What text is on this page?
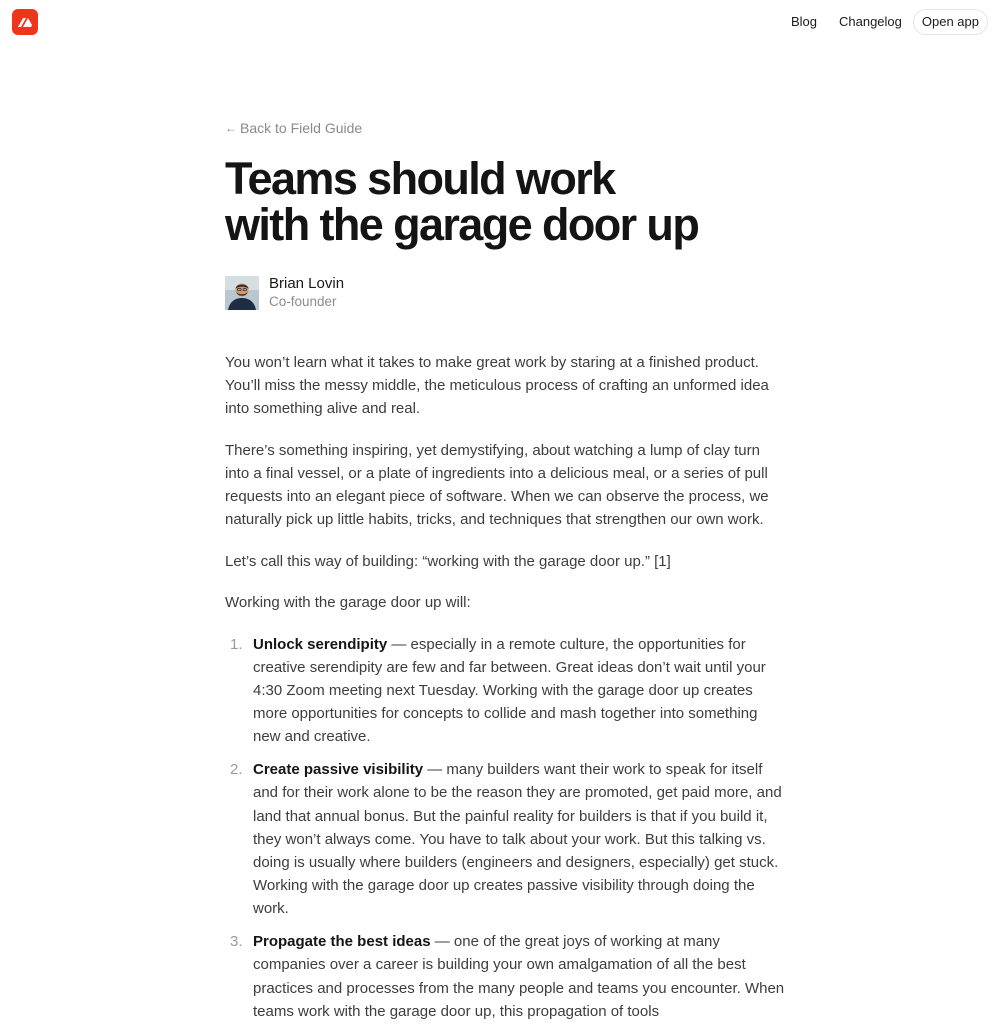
Blog Changelog	Open app
← Back to Field Guide
Teams should work
with the garage door up
Brian Lovin
Co-founder

You won’t learn what it takes to make great work by staring at a finished product. You’ll miss the messy middle, the meticulous process of crafting an unformed idea into something alive and real.

There’s something inspiring, yet demystifying, about watching a lump of clay turn into a final vessel, or a plate of ingredients into a delicious meal, or a series of pull requests into an elegant piece of software. When we can observe the process, we naturally pick up little habits, tricks, and techniques that strengthen our own work.

Let’s call this way of building: “working with the garage door up.” [1]

Working with the garage door up will:

1. Unlock serendipity — especially in a remote culture, the opportunities for creative serendipity are few and far between. Great ideas don’t wait until your 4:30 Zoom meeting next Tuesday. Working with the garage door up creates more opportunities for concepts to collide and mash together into something new and creative.
2. Create passive visibility — many builders want their work to speak for itself and for their work alone to be the reason they are promoted, get paid more, and land that annual bonus. But the painful reality for builders is that if you build it, they won’t always come. You have to talk about your work. But this talking vs. doing is usually where builders (engineers and designers, especially) get stuck. Working with the garage door up creates passive visibility through doing the work.
3. Propagate the best ideas — one of the great joys of working at many companies over a career is building your own amalgamation of all the best practices and processes from the many people and teams you encounter. When teams work with the garage door up, this propagation of tools
